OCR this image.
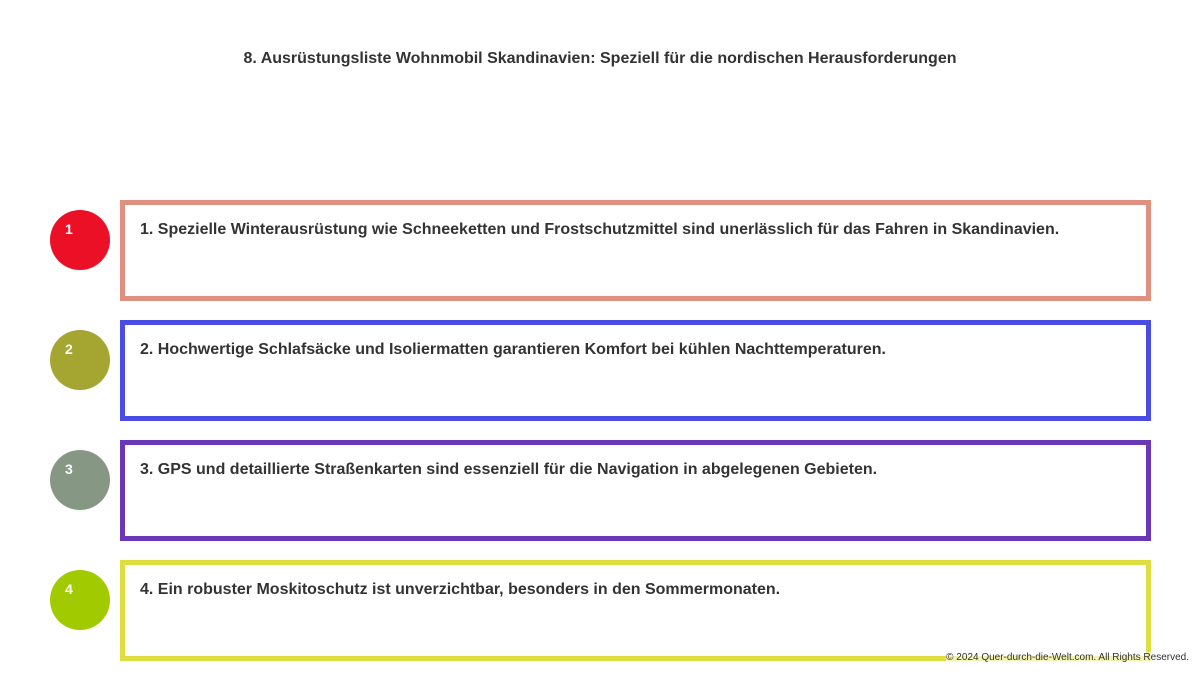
8. Ausrüstungsliste Wohnmobil Skandinavien: Speziell für die nordischen Herausforderungen
1	1. Spezielle Winterausrüstung wie Schneeketten und Frostschutzmittel sind unerlässlich für das Fahren in Skandinavien.
2	2. Hochwertige Schlafsäcke und Isoliermatten garantieren Komfort bei kühlen Nachttemperaturen.
3	3. GPS und detaillierte Straßenkarten sind essenziell für die Navigation in abgelegenen Gebieten.
4	4. Ein robuster Moskitoschutz ist unverzichtbar, besonders in den Sommermonaten.
© 2024 Quer-durch-die-Welt.com. All Rights Reserved.
